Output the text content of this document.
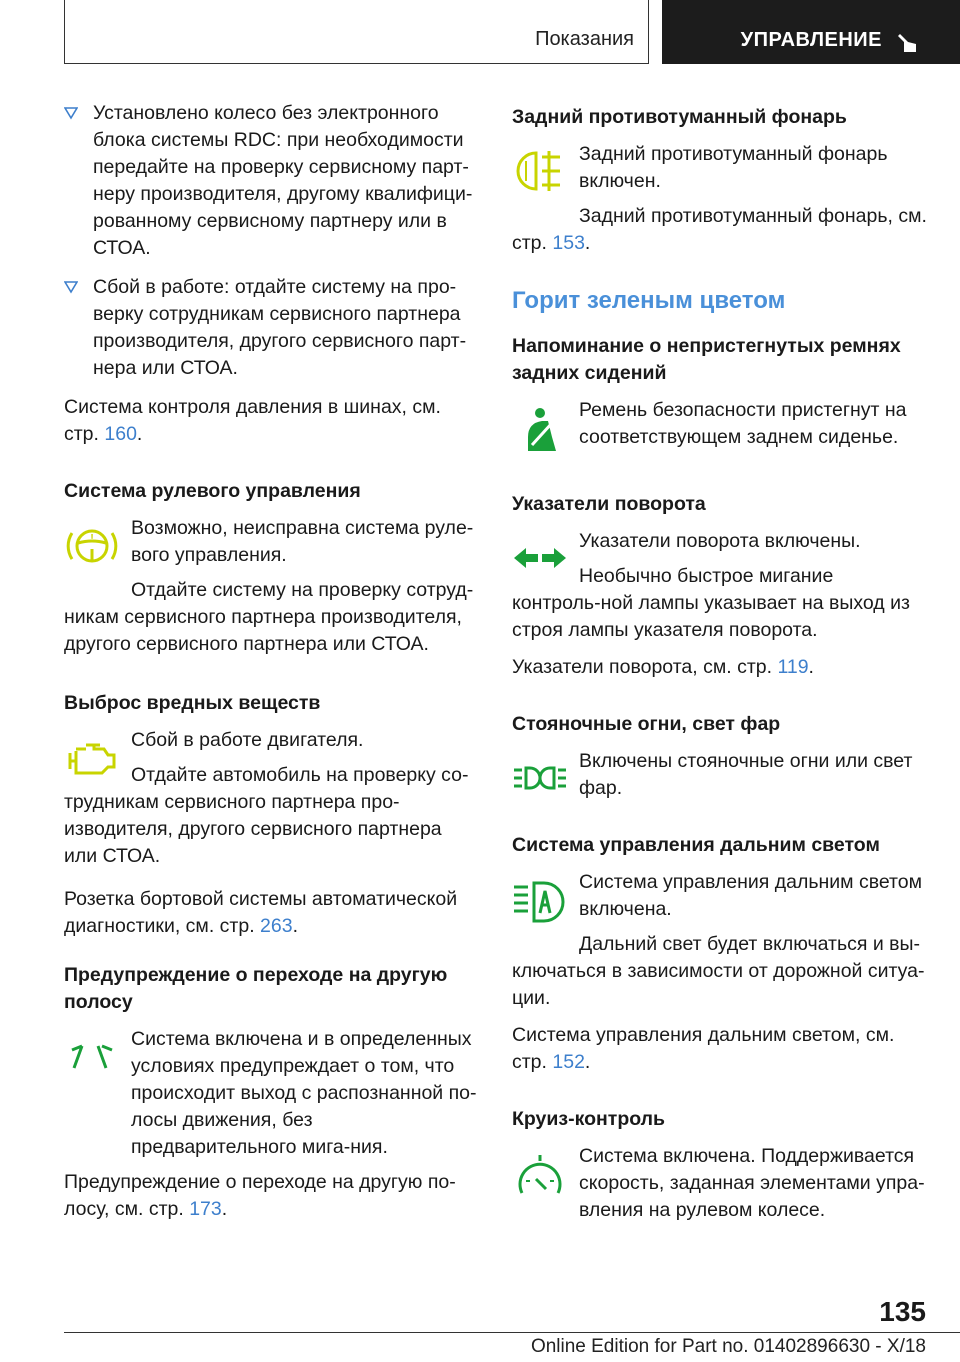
Показания	УПРАВЛЕНИЕ

Установлено колесо без электронного блока системы RDC: при необходимости передайте на проверку сервисному парт-неру производителя, другому квалифици-рованному сервисному партнеру или в СТОА.

Сбой в работе: отдайте систему на про-верку сотрудникам сервисного партнера производителя, другого сервисного парт-нера или СТОА.

Система контроля давления в шинах, см. стр. 160.

Система рулевого управления
! Возможно, неисправна система руле-вого управления.

Отдайте систему на проверку сотруд-никам сервисного партнера производителя, другого сервисного партнера или СТОА.

Выброс вредных веществ

Сбой в работе двигателя.

Отдайте автомобиль на проверку со-трудникам сервисного партнера про-изводителя, другого сервисного партнера или СТОА.

Розетка бортовой системы автоматической диагностики, см. стр. 263.

Предупреждение о переходе на другую полосу

Система включена и в определенных условиях предупреждает о том, что происходит выход с распознанной по-лосы движения, без предварительного мига-ния.

Предупреждение о переходе на другую по-лосу, см. стр. 173.

Задний противотуманный фонарь

Задний противотуманный фонарь включен.

Задний противотуманный фонарь, см. стр. 153.

Горит зеленым цветом
Напоминание о непристегнутых ремнях задних сидений

Ремень безопасности пристегнут на соответствующем заднем сиденье.

Указатели поворота

Указатели поворота включены.

Необычно быстрое мигание контроль-ной лампы указывает на выход из строя лампы указателя поворота.

Указатели поворота, см. стр. 119.

Стояночные огни, свет фар

Включены стояночные огни или свет фар.

Система управления дальним светом

Система управления дальним светом включена.

Дальний свет будет включаться и вы-ключаться в зависимости от дорожной ситуа-ции.

Система управления дальним светом, см. стр. 152.

Круиз-контроль

Система включена. Поддерживается скорость, заданная элементами упра-вления на рулевом колесе.

135
Online Edition for Part no. 01402896630 - X/18
